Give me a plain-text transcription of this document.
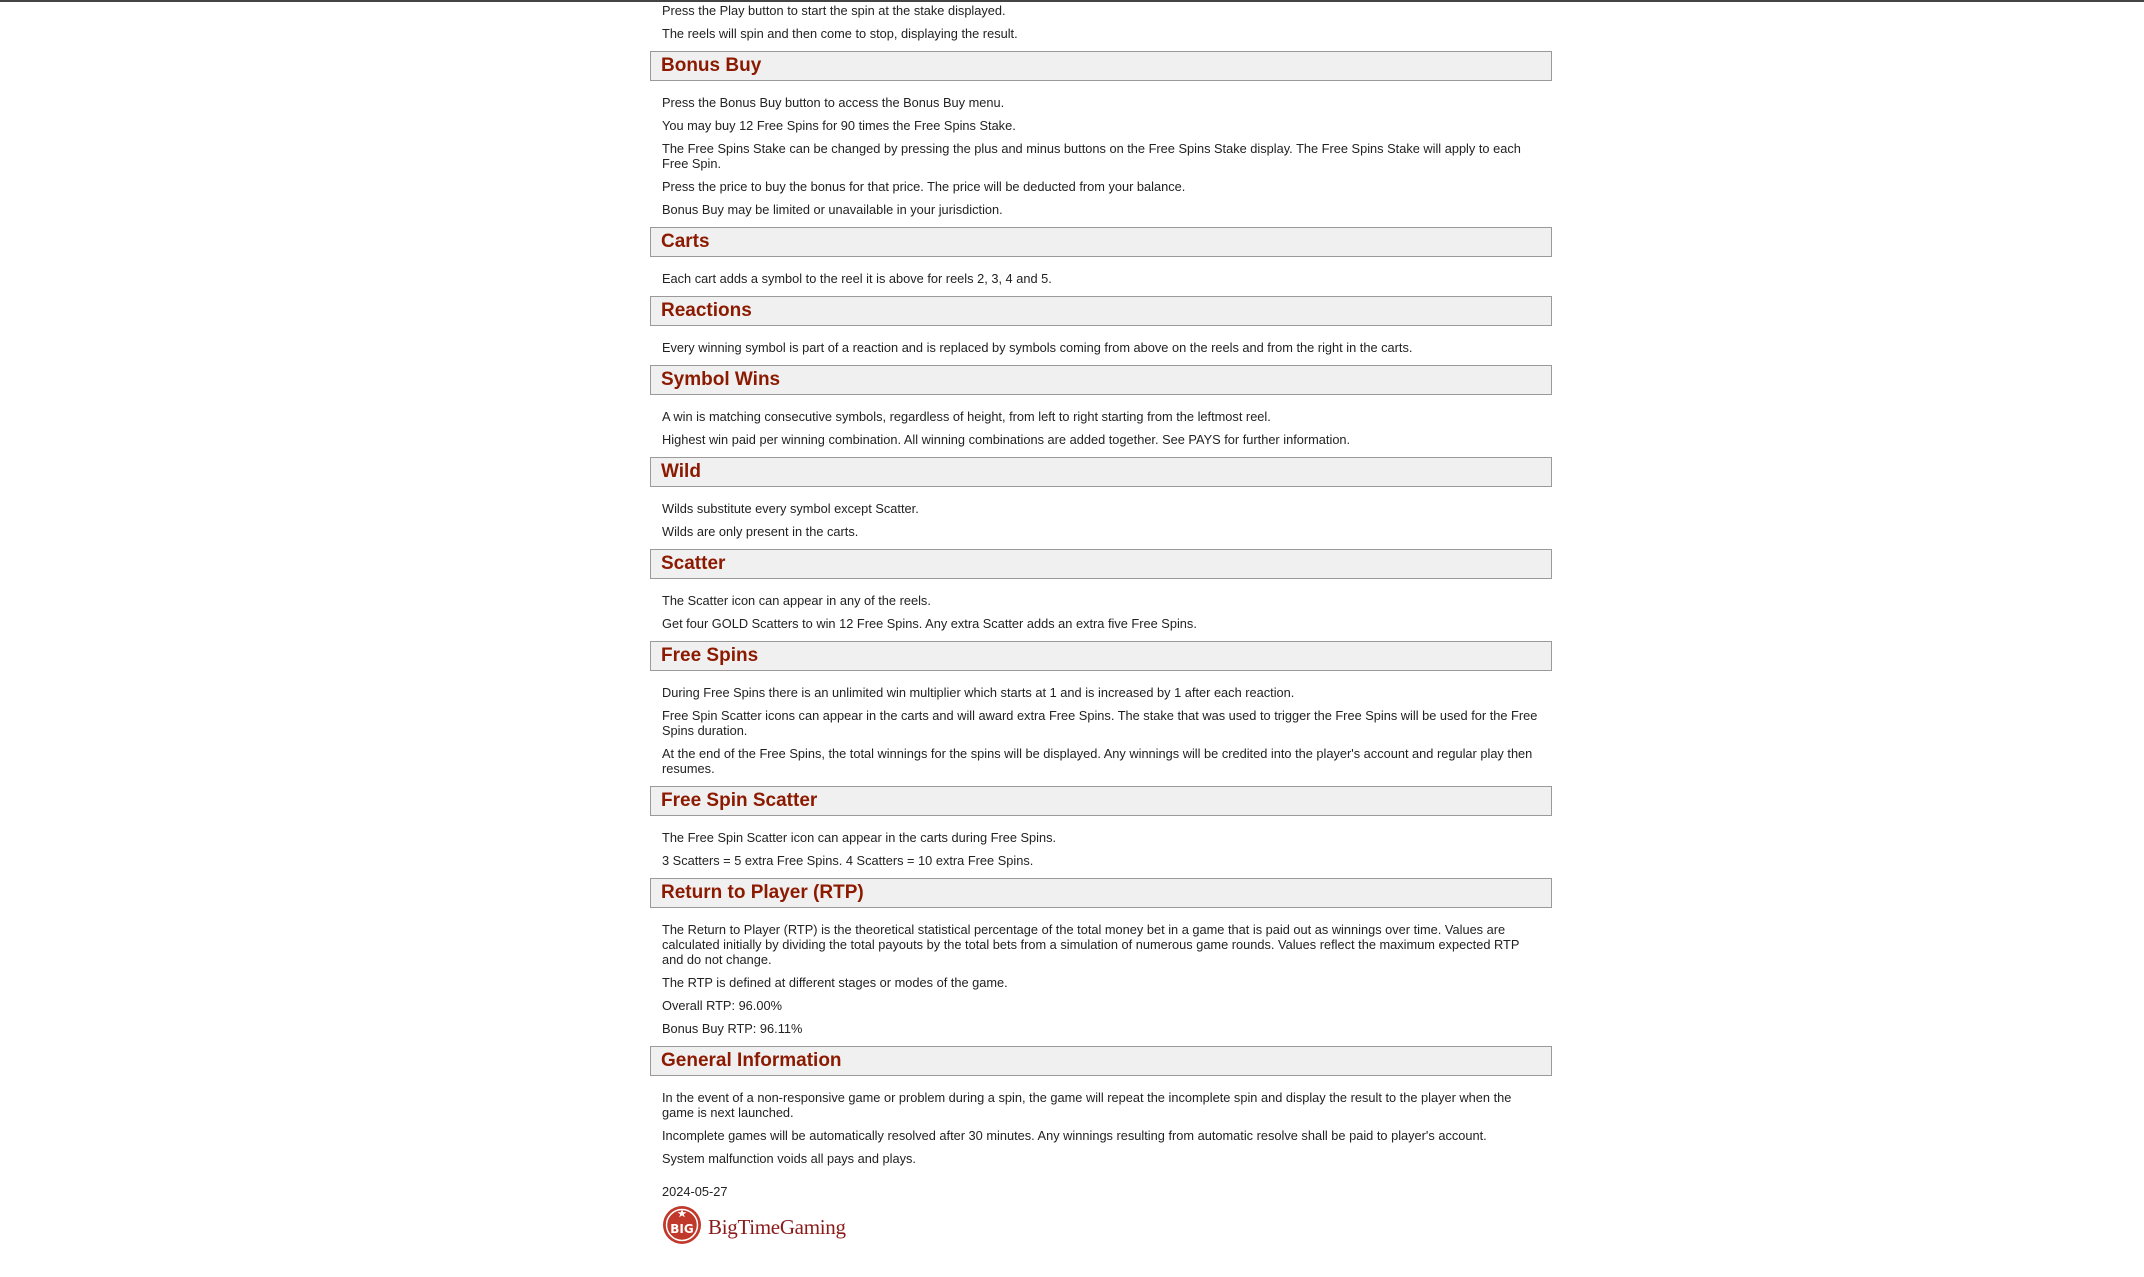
Press the Play button to start the spin at the stake displayed.

The reels will spin and then come to stop, displaying the result.

Bonus Buy

Press the Bonus Buy button to access the Bonus Buy menu.

You may buy 12 Free Spins for 90 times the Free Spins Stake.

The Free Spins Stake can be changed by pressing the plus and minus buttons on the Free Spins Stake display. The Free Spins Stake will apply to each Free Spin.

Press the price to buy the bonus for that price. The price will be deducted from your balance.

Bonus Buy may be limited or unavailable in your jurisdiction.

Carts

Each cart adds a symbol to the reel it is above for reels 2, 3, 4 and 5.

Reactions

Every winning symbol is part of a reaction and is replaced by symbols coming from above on the reels and from the right in the carts.

Symbol Wins

A win is matching consecutive symbols, regardless of height, from left to right starting from the leftmost reel.

Highest win paid per winning combination. All winning combinations are added together. See PAYS for further information.

Wild

Wilds substitute every symbol except Scatter.

Wilds are only present in the carts.

Scatter

The Scatter icon can appear in any of the reels.

Get four GOLD Scatters to win 12 Free Spins. Any extra Scatter adds an extra five Free Spins.

Free Spins

During Free Spins there is an unlimited win multiplier which starts at 1 and is increased by 1 after each reaction.

Free Spin Scatter icons can appear in the carts and will award extra Free Spins. The stake that was used to trigger the Free Spins will be used for the Free Spins duration.

At the end of the Free Spins, the total winnings for the spins will be displayed. Any winnings will be credited into the player's account and regular play then resumes.

Free Spin Scatter

The Free Spin Scatter icon can appear in the carts during Free Spins.

3 Scatters = 5 extra Free Spins. 4 Scatters = 10 extra Free Spins.

Return to Player (RTP)

The Return to Player (RTP) is the theoretical statistical percentage of the total money bet in a game that is paid out as winnings over time. Values are calculated initially by dividing the total payouts by the total bets from a simulation of numerous game rounds. Values reflect the maximum expected RTP and do not change.

The RTP is defined at different stages or modes of the game.

Overall RTP: 96.00%

Bonus Buy RTP: 96.11%

General Information

In the event of a non-responsive game or problem during a spin, the game will repeat the incomplete spin and display the result to the player when the game is next launched.

Incomplete games will be automatically resolved after 30 minutes. Any winnings resulting from automatic resolve shall be paid to player's account.

System malfunction voids all pays and plays.

2024-05-27

BIG BigTimeGaming
